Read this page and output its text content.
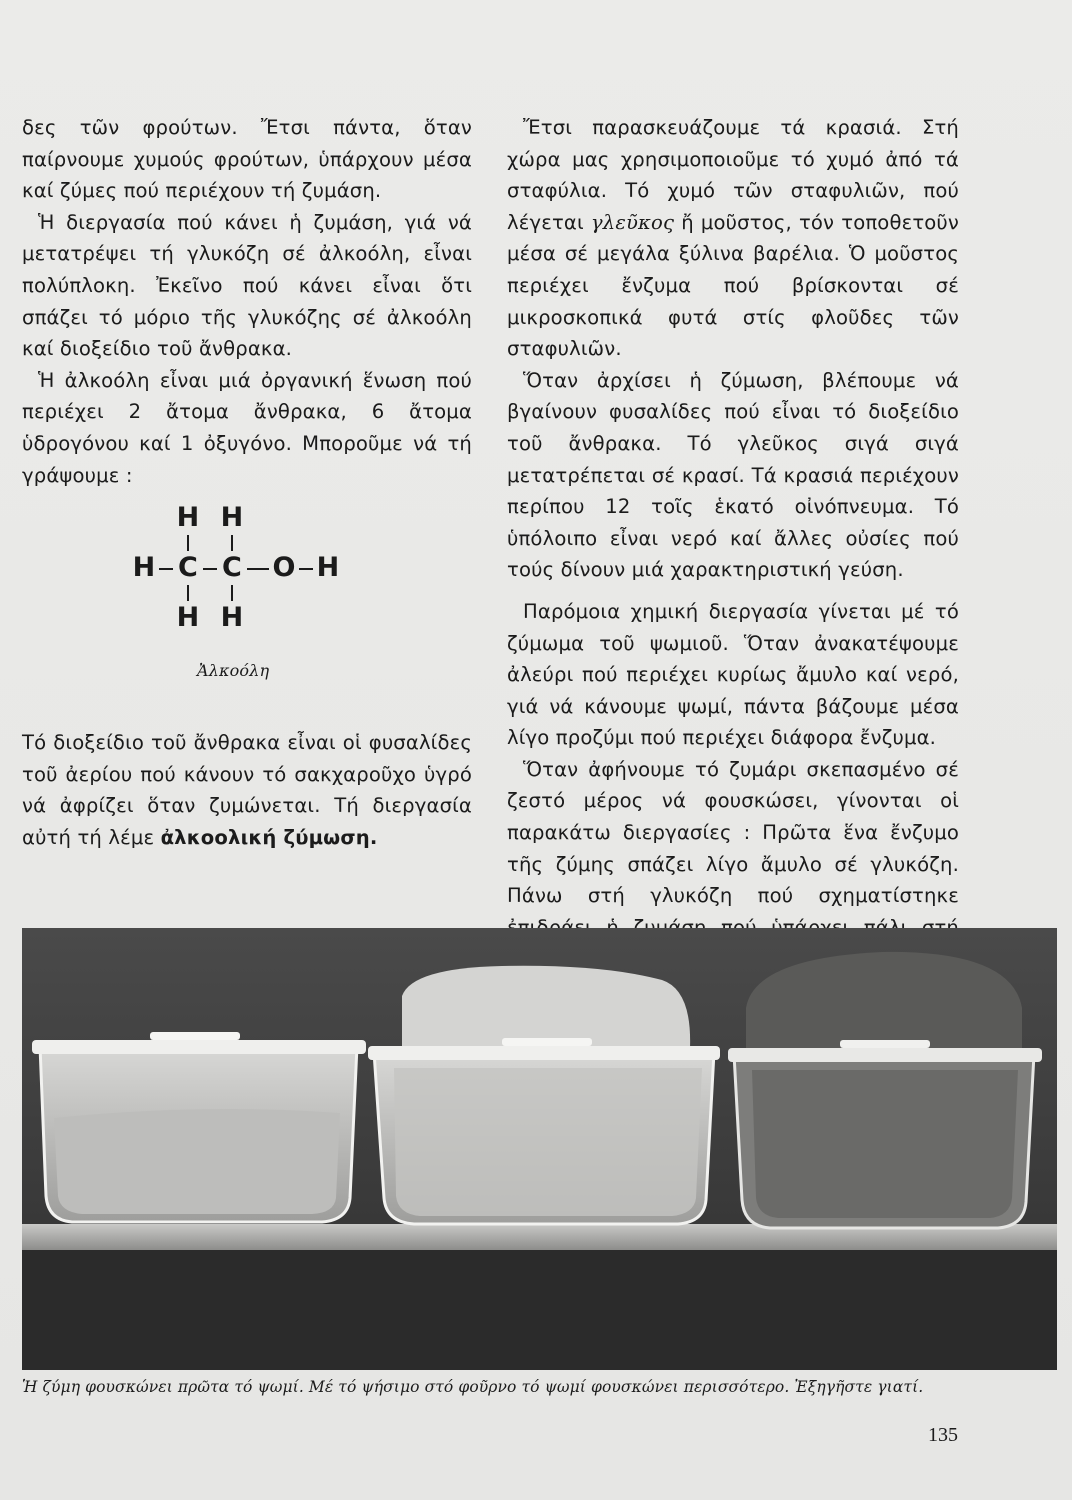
δες τῶν φρούτων. Ἔτσι πάντα, ὅταν παίρνουμε χυμούς φρούτων, ὑπάρχουν μέσα καί ζύμες πού περιέχουν τή ζυμάση.

Ἡ διεργασία πού κάνει ἡ ζυμάση, γιά νά μετατρέψει τή γλυκόζη σέ ἀλκοόλη, εἶναι πολύπλοκη. Ἐκεῖνο πού κάνει εἶναι ὅτι σπάζει τό μόριο τῆς γλυκόζης σέ ἀλκοόλη καί διοξείδιο τοῦ ἄνθρακα.

Ἡ ἀλκοόλη εἶναι μιά ὀργανική ἕνωση πού περιέχει 2 ἄτομα ἄνθρακα, 6 ἄτομα ὑδρογόνου καί 1 ὀξυγόνο. Μποροῦμε νά τή γράψουμε :

H H
H C C O H
H H
Ἀλκοόλη

Τό διοξείδιο τοῦ ἄνθρακα εἶναι οἱ φυσαλίδες τοῦ ἀερίου πού κάνουν τό σακχαροῦχο ὑγρό νά ἀφρίζει ὅταν ζυμώνεται. Τή διεργασία αὐτή τή λέμε ἀλκοολική ζύμωση.

Ἔτσι παρασκευάζουμε τά κρασιά. Στή χώρα μας χρησιμοποιοῦμε τό χυμό ἀπό τά σταφύλια. Τό χυμό τῶν σταφυλιῶν, πού λέγεται γλεῦκος ἤ μοῦστος, τόν τοποθετοῦν μέσα σέ μεγάλα ξύλινα βαρέλια. Ὁ μοῦστος περιέχει ἔνζυμα πού βρίσκονται σέ μικροσκοπικά φυτά στίς φλοῦδες τῶν σταφυλιῶν.

Ὅταν ἀρχίσει ἡ ζύμωση, βλέπουμε νά βγαίνουν φυσαλίδες πού εἶναι τό διοξείδιο τοῦ ἄνθρακα. Τό γλεῦκος σιγά σιγά μετατρέπεται σέ κρασί. Τά κρασιά περιέχουν περίπου 12 τοῖς ἑκατό οἰνόπνευμα. Τό ὑπόλοιπο εἶναι νερό καί ἄλλες οὐσίες πού τούς δίνουν μιά χαρακτηριστική γεύση.

Παρόμοια χημική διεργασία γίνεται μέ τό ζύμωμα τοῦ ψωμιοῦ. Ὅταν ἀνακατέψουμε ἀλεύρι πού περιέχει κυρίως ἄμυλο καί νερό, γιά νά κάνουμε ψωμί, πάντα βάζουμε μέσα λίγο προζύμι πού περιέχει διάφορα ἔνζυμα.

Ὅταν ἀφήνουμε τό ζυμάρι σκεπασμένο σέ ζεστό μέρος νά φουσκώσει, γίνονται οἱ παρακάτω διεργασίες : Πρῶτα ἕνα ἔνζυμο τῆς ζύμης σπάζει λίγο ἄμυλο σέ γλυκόζη. Πάνω στή γλυκόζη πού σχηματίστηκε

Ἡ ζύμη φουσκώνει πρῶτα τό ψωμί. Μέ τό ψήσιμο στό φοῦρνο τό ψωμί φουσκώνει περισσότερο. Ἐξηγῆστε γιατί.
135
